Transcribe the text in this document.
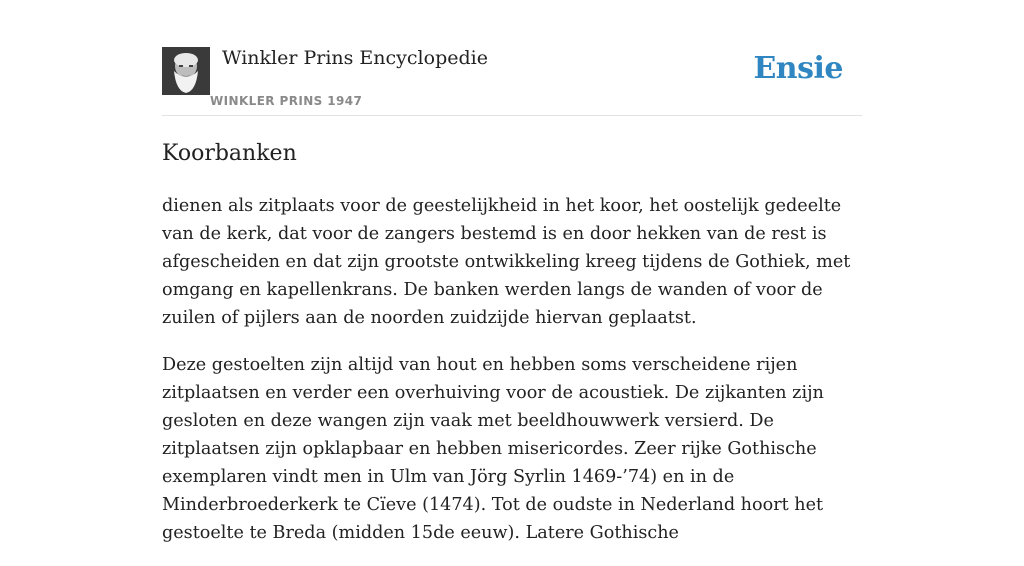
Winkler Prins Encyclopedie
WINKLER PRINS 1947
Ensie
Koorbanken

dienen als zitplaats voor de geestelijkheid in het koor, het oostelijk gedeelte van de kerk, dat voor de zangers bestemd is en door hekken van de rest is afgescheiden en dat zijn grootste ontwikkeling kreeg tijdens de Gothiek, met omgang en kapellenkrans. De banken werden langs de wanden of voor de zuilen of pijlers aan de noorden zuidzijde hiervan geplaatst.

Deze gestoelten zijn altijd van hout en hebben soms verscheidene rijen zitplaatsen en verder een overhuiving voor de acoustiek. De zijkanten zijn gesloten en deze wangen zijn vaak met beeldhouwwerk versierd. De zitplaatsen zijn opklapbaar en hebben misericordes. Zeer rijke Gothische exemplaren vindt men in Ulm van Jörg Syrlin 1469-’74) en in de Minderbroederkerk te Cïeve (1474). Tot de oudste in Nederland hoort het gestoelte te Breda (midden 15de eeuw). Latere Gothische
